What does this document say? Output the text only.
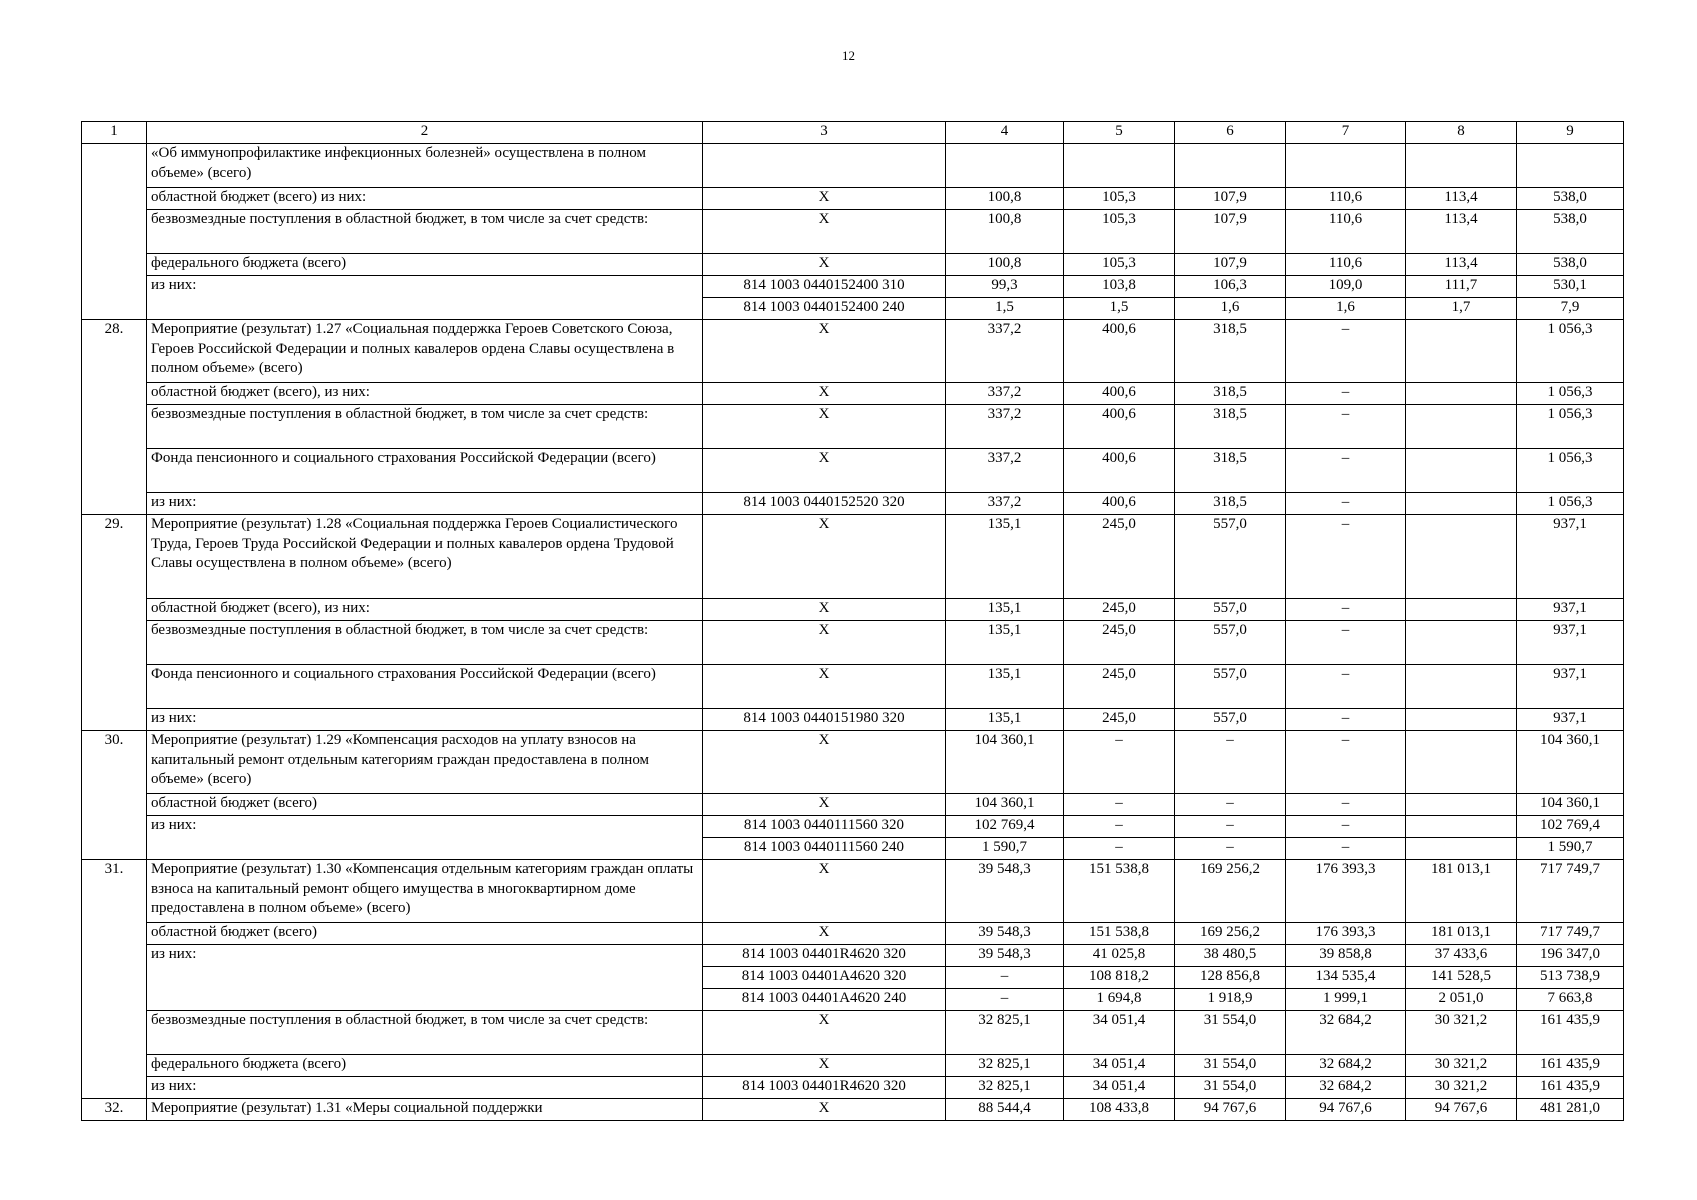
12
1	2	3	4	5	6	7	8	9
	«Об иммунопрофилактике инфекционных болезней» осуществлена в полном объеме» (всего)							
	областной бюджет (всего) из них:	X	100,8	105,3	107,9	110,6	113,4	538,0
	безвозмездные поступления в областной бюджет, в том числе за счет средств:	X	100,8	105,3	107,9	110,6	113,4	538,0
	федерального бюджета (всего)	X	100,8	105,3	107,9	110,6	113,4	538,0
	из них:	814 1003 0440152400 310	99,3	103,8	106,3	109,0	111,7	530,1
		814 1003 0440152400 240	1,5	1,5	1,6	1,6	1,7	7,9
28.	Мероприятие (результат) 1.27 «Социальная поддержка Героев Советского Союза, Героев Российской Федерации и полных кавалеров ордена Славы осуществлена в полном объеме» (всего)	X	337,2	400,6	318,5	–		1 056,3
	областной бюджет (всего), из них:	X	337,2	400,6	318,5	–		1 056,3
	безвозмездные поступления в областной бюджет, в том числе за счет средств:	X	337,2	400,6	318,5	–		1 056,3
	Фонда пенсионного и социального страхования Российской Федерации (всего)	X	337,2	400,6	318,5	–		1 056,3
	из них:	814 1003 0440152520 320	337,2	400,6	318,5	–		1 056,3
29.	Мероприятие (результат) 1.28 «Социальная поддержка Героев Социалистического Труда, Героев Труда Российской Федерации и полных кавалеров ордена Трудовой Славы осуществлена в полном объеме» (всего)	X	135,1	245,0	557,0	–		937,1
	областной бюджет (всего), из них:	X	135,1	245,0	557,0	–		937,1
	безвозмездные поступления в областной бюджет, в том числе за счет средств:	X	135,1	245,0	557,0	–		937,1
	Фонда пенсионного и социального страхования Российской Федерации (всего)	X	135,1	245,0	557,0	–		937,1
	из них:	814 1003 0440151980 320	135,1	245,0	557,0	–		937,1
30.	Мероприятие (результат) 1.29 «Компенсация расходов на уплату взносов на капитальный ремонт отдельным категориям граждан предоставлена в полном объеме» (всего)	X	104 360,1	–	–	–		104 360,1
	областной бюджет (всего)	X	104 360,1	–	–	–		104 360,1
	из них:	814 1003 0440111560 320	102 769,4	–	–	–		102 769,4
		814 1003 0440111560 240	1 590,7	–	–	–		1 590,7
31.	Мероприятие (результат) 1.30 «Компенсация отдельным категориям граждан оплаты взноса на капитальный ремонт общего имущества в многоквартирном доме предоставлена в полном объеме» (всего)	X	39 548,3	151 538,8	169 256,2	176 393,3	181 013,1	717 749,7
	областной бюджет (всего)	X	39 548,3	151 538,8	169 256,2	176 393,3	181 013,1	717 749,7
	из них:	814 1003 04401R4620 320	39 548,3	41 025,8	38 480,5	39 858,8	37 433,6	196 347,0
		814 1003 04401A4620 320	–	108 818,2	128 856,8	134 535,4	141 528,5	513 738,9
		814 1003 04401A4620 240	–	1 694,8	1 918,9	1 999,1	2 051,0	7 663,8
	безвозмездные поступления в областной бюджет, в том числе за счет средств:	X	32 825,1	34 051,4	31 554,0	32 684,2	30 321,2	161 435,9
	федерального бюджета (всего)	X	32 825,1	34 051,4	31 554,0	32 684,2	30 321,2	161 435,9
	из них:	814 1003 04401R4620 320	32 825,1	34 051,4	31 554,0	32 684,2	30 321,2	161 435,9
32.	Мероприятие (результат) 1.31 «Меры социальной поддержки	X	88 544,4	108 433,8	94 767,6	94 767,6	94 767,6	481 281,0
